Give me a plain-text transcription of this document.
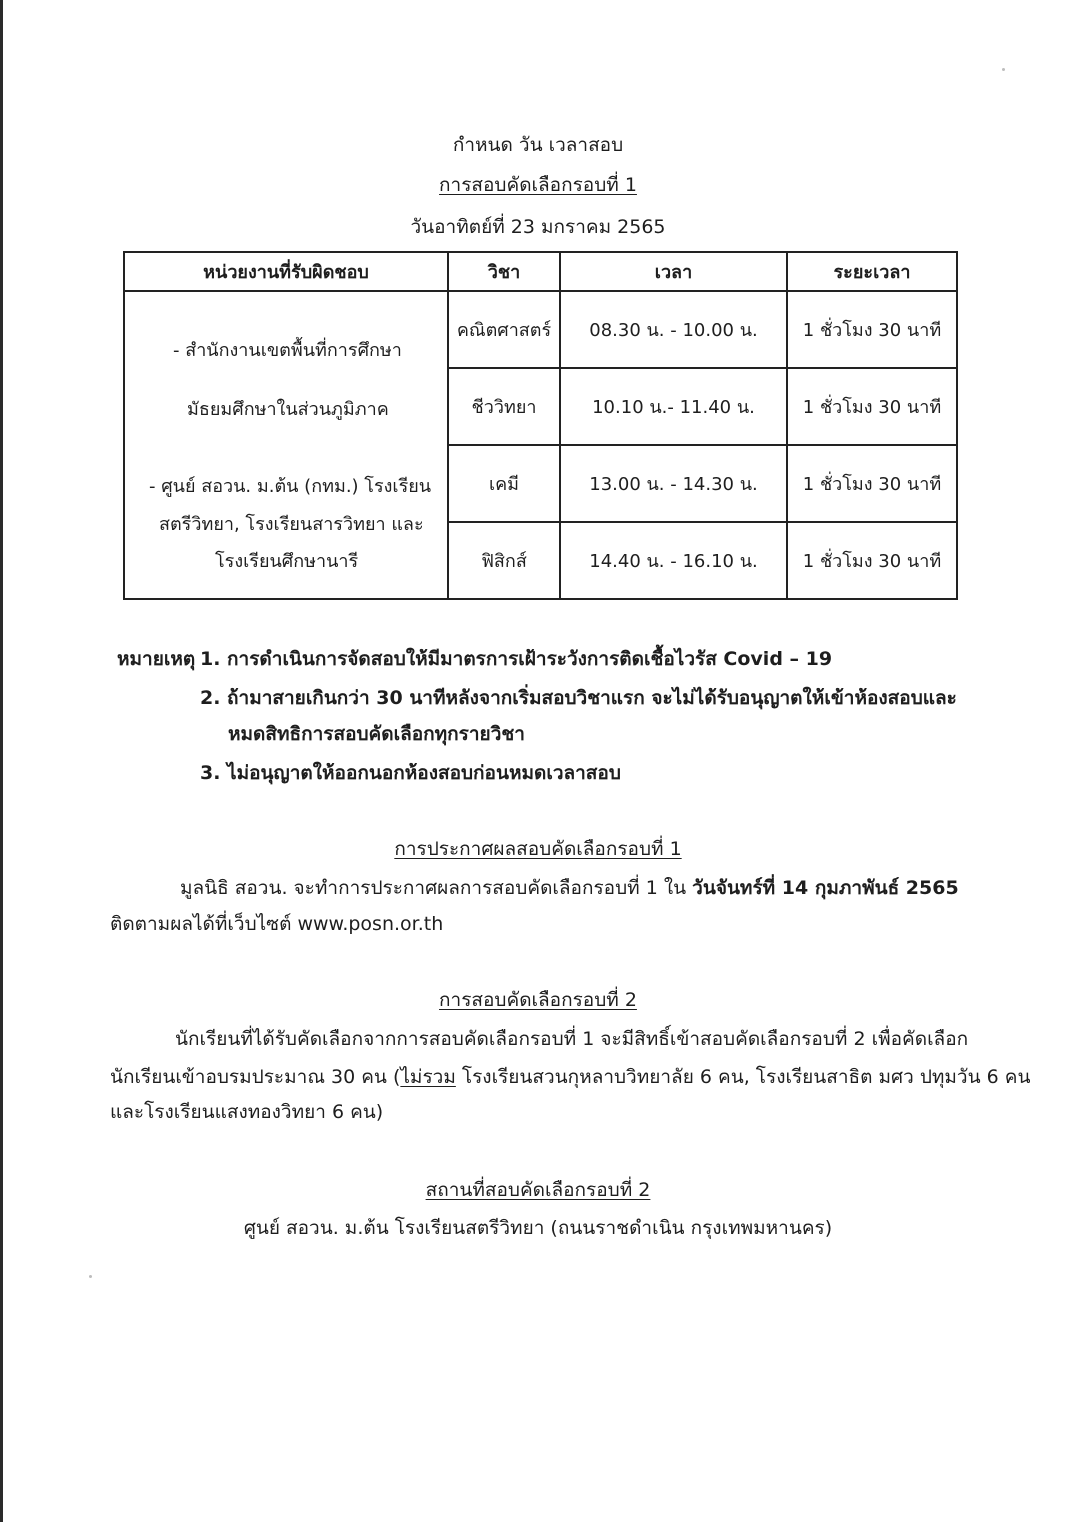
กำหนด วัน เวลาสอบ
การสอบคัดเลือกรอบที่ 1
วันอาทิตย์ที่ 23 มกราคม 2565
หน่วยงานที่รับผิดชอบ	วิชา	เวลา	ระยะเวลา

- สำนักงานเขตพื้นที่การศึกษา
มัธยมศึกษาในส่วนภูมิภาค
- ศูนย์ สอวน. ม.ต้น (กทม.) โรงเรียน
สตรีวิทยา, โรงเรียนสารวิทยา และ
โรงเรียนศึกษานารี	คณิตศาสตร์	08.30 น. - 10.00 น.	1 ชั่วโมง 30 นาที
	ชีววิทยา	10.10 น.- 11.40 น.	1 ชั่วโมง 30 นาที
	เคมี	13.00 น. - 14.30 น.	1 ชั่วโมง 30 นาที
	ฟิสิกส์	14.40 น. - 16.10 น.	1 ชั่วโมง 30 นาที
หมายเหตุ 1. การดำเนินการจัดสอบให้มีมาตรการเฝ้าระวังการติดเชื้อไวรัส Covid – 19
2. ถ้ามาสายเกินกว่า 30 นาทีหลังจากเริ่มสอบวิชาแรก จะไม่ได้รับอนุญาตให้เข้าห้องสอบและ
หมดสิทธิการสอบคัดเลือกทุกรายวิชา
3. ไม่อนุญาตให้ออกนอกห้องสอบก่อนหมดเวลาสอบ
การประกาศผลสอบคัดเลือกรอบที่ 1
มูลนิธิ สอวน. จะทำการประกาศผลการสอบคัดเลือกรอบที่ 1 ใน วันจันทร์ที่ 14 กุมภาพันธ์ 2565
ติดตามผลได้ที่เว็บไซต์ www.posn.or.th
การสอบคัดเลือกรอบที่ 2
นักเรียนที่ได้รับคัดเลือกจากการสอบคัดเลือกรอบที่ 1 จะมีสิทธิ์เข้าสอบคัดเลือกรอบที่ 2 เพื่อคัดเลือก
นักเรียนเข้าอบรมประมาณ 30 คน (ไม่รวม โรงเรียนสวนกุหลาบวิทยาลัย 6 คน, โรงเรียนสาธิต มศว ปทุมวัน 6 คน
และโรงเรียนแสงทองวิทยา 6 คน)
สถานที่สอบคัดเลือกรอบที่ 2
ศูนย์ สอวน. ม.ต้น โรงเรียนสตรีวิทยา (ถนนราชดำเนิน กรุงเทพมหานคร)
